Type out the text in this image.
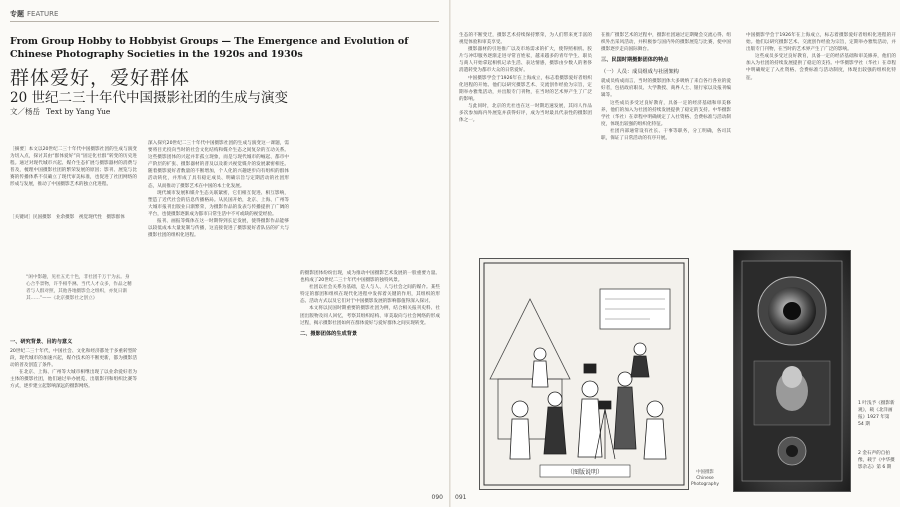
专题 FEATURE
From Group Hobby to Hobbyist Groups — The Emergence and Evolution of Chinese Photography Societies in the 1920s and 1930s
群体爱好，爱好群体
20 世纪二三十年代中国摄影社团的生成与演变
文／杨岳 Text by Yang Yue
［摘要］本文以20世纪二三十年代中国摄影社团的生成与演变为切入点，探讨其由“群体爱好”向“固定化社群”转变的历史进程。通过对现代城市兴起、媒介生态扩展与摄影器材的消费与普及，梳理中国摄影社团的繁荣发展的原因；影刊、展览与比赛的传播体系不仅确立了现代审美标准，也促进了社团网络的形成与发展，推动了中国摄影艺术的独立化进程。
［关键词］民国摄影　业余摄影　视觉现代性　摄影群体
“闲中影趣，见社五光十色，非社团千万于为去。身心合乎景物，许乎相乎淋。当代人才众多，作品之精者与人群对照，其他各地摄影会之组织，亦复日渐其……”——《北京摄影社之创立》
一、研究背景、目的与意义

20世纪二三十年代，中国社会、文化和经济都处于多重转型阶段，现代城市的加速兴起，媒介技术的不断更新，都为摄影活动的普及创造了条件。

在北京、上海、广州等大城市相继出现了以业余爱好者为主体的摄影社团，他们通过举办展览、出版影刊和组织比赛等方式，逐步建立起影响深远的摄影网络。

深入探究20世纪二三十年代中国摄影社团的生成与演变这一课题，需要将目光投向当时的社会文化结构和媒介生态之间复杂的互动关系。这些摄影团体的兴起并非孤立现象，而是与现代城市的崛起、都市中产阶层的扩张、摄影器材的普及以及新兴视觉媒介的发展紧密相连。随着摄影爱好者数量的不断增加，个人化的兴趣逐步向有组织的群体活动转化，并形成了具有稳定成员、明确宗旨与定期活动的社团形态，从而推动了摄影艺术在中国的本土化发展。

现代城市发展和媒介生态关联紧密，它们相互促进、相互影响，塑造了近代社会的信息传播格局。从民国开始，北京、上海、广州等大城市报刊出版业日渐繁荣，为摄影作品的发表与传播提供了广阔的平台，也使摄影逐渐成为都市日常生活中不可或缺的视觉经验。

报刊、画报等媒体在这一时期得到长足发展，使得摄影作品能够以较低成本大量复制与传播，这直接促进了摄影爱好者队伍的扩大与摄影社团的组织化进程。

的摄影团体纷纷出现，成为推动中国摄影艺术发展的一股重要力量。也构成了20世纪二三十年代中国摄影的独特风景。

社团以社会关系为基础，是人与人、人与社会之间的媒介。某些特定的群团和组织在现代化进程中发挥着关键的作用，其组织的形态、活动方式以及它们对于中国摄影发展的影响都值得深入探讨。

本文将以民国时期重要的摄影社团为例，结合相关报刊史料、社团出版物及同人回忆，考察其组织结构、审美取向与社会网络的形成过程，揭示摄影社团如何在群体爱好与爱好群体之间实现转变。

二、摄影团体的生成背景
090

生态的不断变迁，摄影艺术持续保持繁荣，为人们带来更丰富的视觉体验和审美享受。

摄影器材的引进推广以及市场需求的扩大，使得照相机、胶片与冲印服务逐渐走进寻常百姓家，越来越多的青年学生、职员与商人开始拿起相机记录生活、表达情感，摄影由少数人的奢侈消遣转变为都市大众的日常爱好。

中国摄影学会于1926年在上海成立，标志着摄影爱好者组织化进程的开始。他们以研究摄影艺术、交流创作经验为宗旨，定期举办雅集活动，并出版专门刊物，在当时的艺术界产生了广泛的影响。

与此同时，北京的光社也在这一时期迅速发展，其同人作品多次参加海内外展览并获得好评，成为当时最具代表性的摄影团体之一。

在推广摄影艺术的过程中，摄影社团通过定期聚会交流心得、组织外出采风活动，并积极参与国内外的摄影展览与比赛，使中国摄影逐步走向国际舞台。

三、民国时期摄影团体的特点
（一）人员：成员组成与社团架构

就成员构成而言，当时的摄影团体大多吸纳了来自各行各业的爱好者，包括政府职员、大学教授、商界人士、银行家以及报刊编辑等。

这些成员多受过良好教育，具备一定的经济基础和审美修养，他们的加入为社团的持续发展提供了稳定的支持。中华摄影学社（华社）在章程中明确规定了入社资格、会费标准与活动制度，体现出较强的组织化特征。

社团内部通常设有社长、干事等职务，分工明确，各司其职，保证了日常活动的有序开展。

中国摄影学会于1926年在上海成立，标志着摄影爱好者组织化进程的开始。他们以研究摄影艺术、交流创作经验为宗旨，定期举办雅集活动，并出版专门刊物，在当时的艺术界产生了广泛的影响。

这些成员多受过良好教育，具备一定的经济基础和审美修养，他们的加入为社团的持续发展提供了稳定的支持。中华摄影学社（华社）在章程中明确规定了入社资格、会费标准与活动制度，体现出较强的组织化特征。

（图版说明）	中国摄影 Chinese Photography
1 叶浅予《摄影新观》，载《北洋画报》1927 年第 54 期
2 金石声的自拍像，载于《中华摄影杂志》第 6 期
091
